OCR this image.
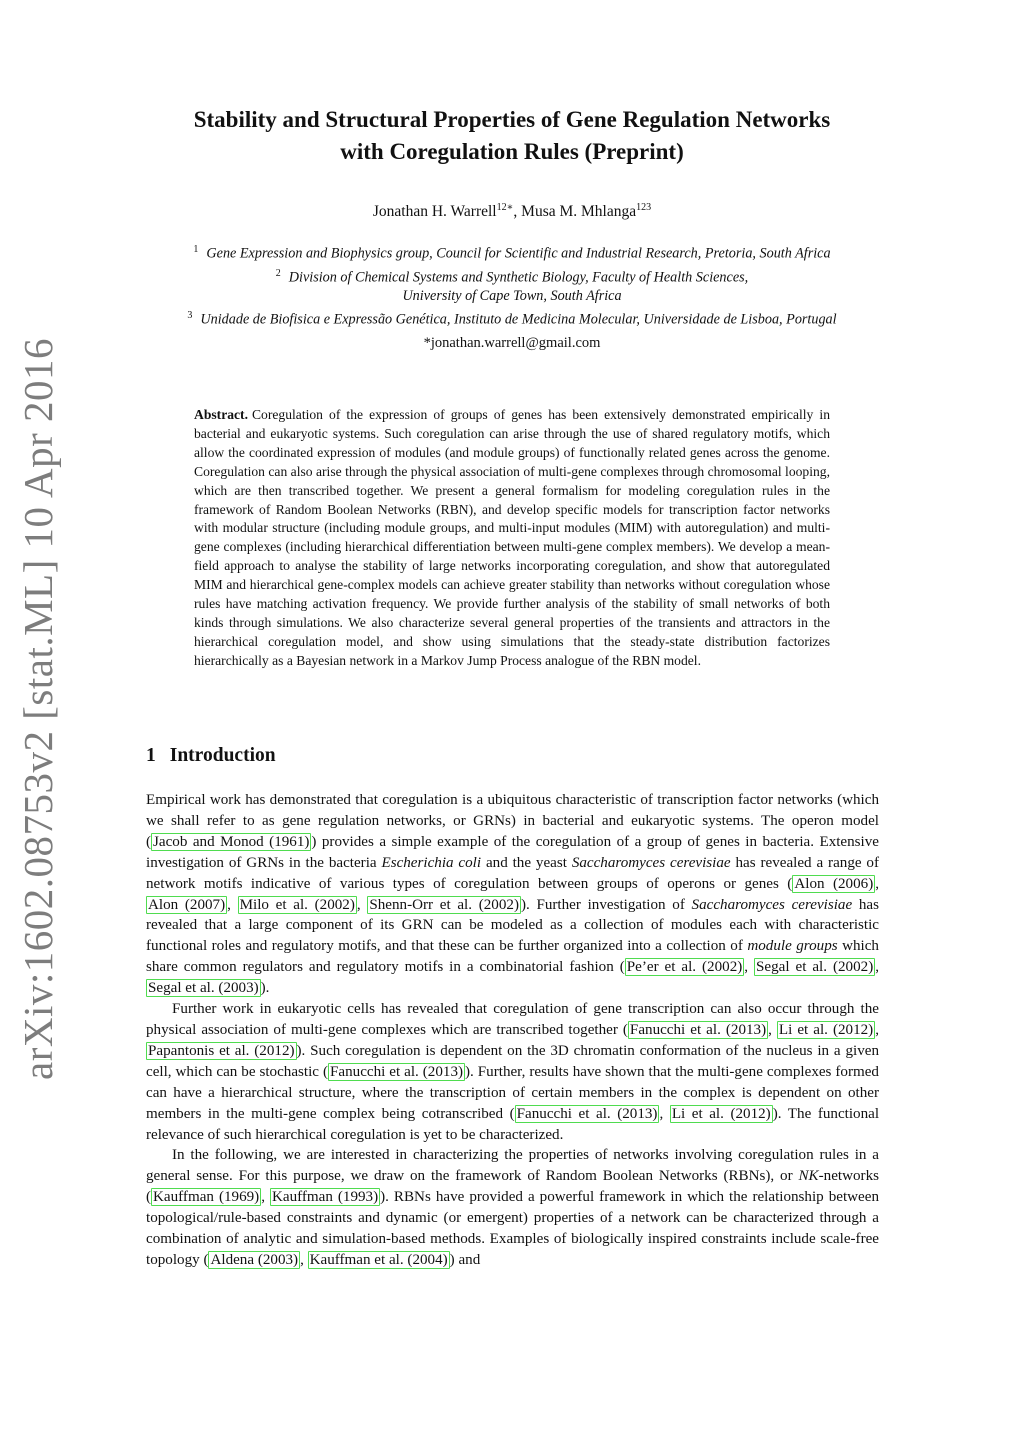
arXiv:1602.08753v2 [stat.ML] 10 Apr 2016
Stability and Structural Properties of Gene Regulation Networks
with Coregulation Rules (Preprint)
Jonathan H. Warrell$^{12∗}$, Musa M. Mhlanga$^{123}$
$^1$ Gene Expression and Biophysics group, Council for Scientific and Industrial Research, Pretoria, South Africa
$^2$ Division of Chemical Systems and Synthetic Biology, Faculty of Health Sciences,
University of Cape Town, South Africa
$^3$ Unidade de Biofisica e Expressão Genética, Instituto de Medicina Molecular, Universidade de Lisboa, Portugal
*jonathan.warrell@gmail.com

Abstract. Coregulation of the expression of groups of genes has been extensively demonstrated empirically in bacterial and eukaryotic systems. Such coregulation can arise through the use of shared regulatory motifs, which allow the coordinated expression of modules (and module groups) of functionally related genes across the genome. Coregulation can also arise through the physical association of multi-gene complexes through chromosomal looping, which are then transcribed together. We present a general formalism for modeling coregulation rules in the framework of Random Boolean Networks (RBN), and develop specific models for transcription factor networks with modular structure (including module groups, and multi-input modules (MIM) with autoregulation) and multi-gene complexes (including hierarchical differentiation between multi-gene complex members). We develop a mean-field approach to analyse the stability of large networks incorporating coregulation, and show that autoregulated MIM and hierarchical gene-complex models can achieve greater stability than networks without coregulation whose rules have matching activation frequency. We provide further analysis of the stability of small networks of both kinds through simulations. We also characterize several general properties of the transients and attractors in the hierarchical coregulation model, and show using simulations that the steady-state distribution factorizes hierarchically as a Bayesian network in a Markov Jump Process analogue of the RBN model.

1 Introduction

Empirical work has demonstrated that coregulation is a ubiquitous characteristic of transcription factor networks (which we shall refer to as gene regulation networks, or GRNs) in bacterial and eukaryotic systems. The operon model ( Jacob and Monod (1961) ) provides a simple example of the coregulation of a group of genes in bacteria. Extensive investigation of GRNs in the bacteria Escherichia coli and the yeast Saccharomyces cerevisiae has revealed a range of network motifs indicative of various types of coregulation between groups of operons or genes ( Alon (2006) , Alon (2007) , Milo et al. (2002) , Shenn-Orr et al. (2002) ). Further investigation of Saccharomyces cerevisiae has revealed that a large component of its GRN can be modeled as a collection of modules each with characteristic functional roles and regulatory motifs, and that these can be further organized into a collection of module groups which share common regulators and regulatory motifs in a combinatorial fashion ( Pe’er et al. (2002) , Segal et al. (2002) , Segal et al. (2003) ).

Further work in eukaryotic cells has revealed that coregulation of gene transcription can also occur through the physical association of multi-gene complexes which are transcribed together ( Fanucchi et al. (2013) , Li et al. (2012) , Papantonis et al. (2012) ). Such coregulation is dependent on the 3D chromatin conformation of the nucleus in a given cell, which can be stochastic ( Fanucchi et al. (2013) ). Further, results have shown that the multi-gene complexes formed can have a hierarchical structure, where the transcription of certain members in the complex is dependent on other members in the multi-gene complex being cotranscribed ( Fanucchi et al. (2013) , Li et al. (2012) ). The functional relevance of such hierarchical coregulation is yet to be characterized.

In the following, we are interested in characterizing the properties of networks involving coregulation rules in a general sense. For this purpose, we draw on the framework of Random Boolean Networks (RBNs), or NK-networks ( Kauffman (1969) , Kauffman (1993) ). RBNs have provided a powerful framework in which the relationship between topological/rule-based constraints and dynamic (or emergent) properties of a network can be characterized through a combination of analytic and simulation-based methods. Examples of biologically inspired constraints include scale-free topology ( Aldena (2003) , Kauffman et al. (2004) ) and
